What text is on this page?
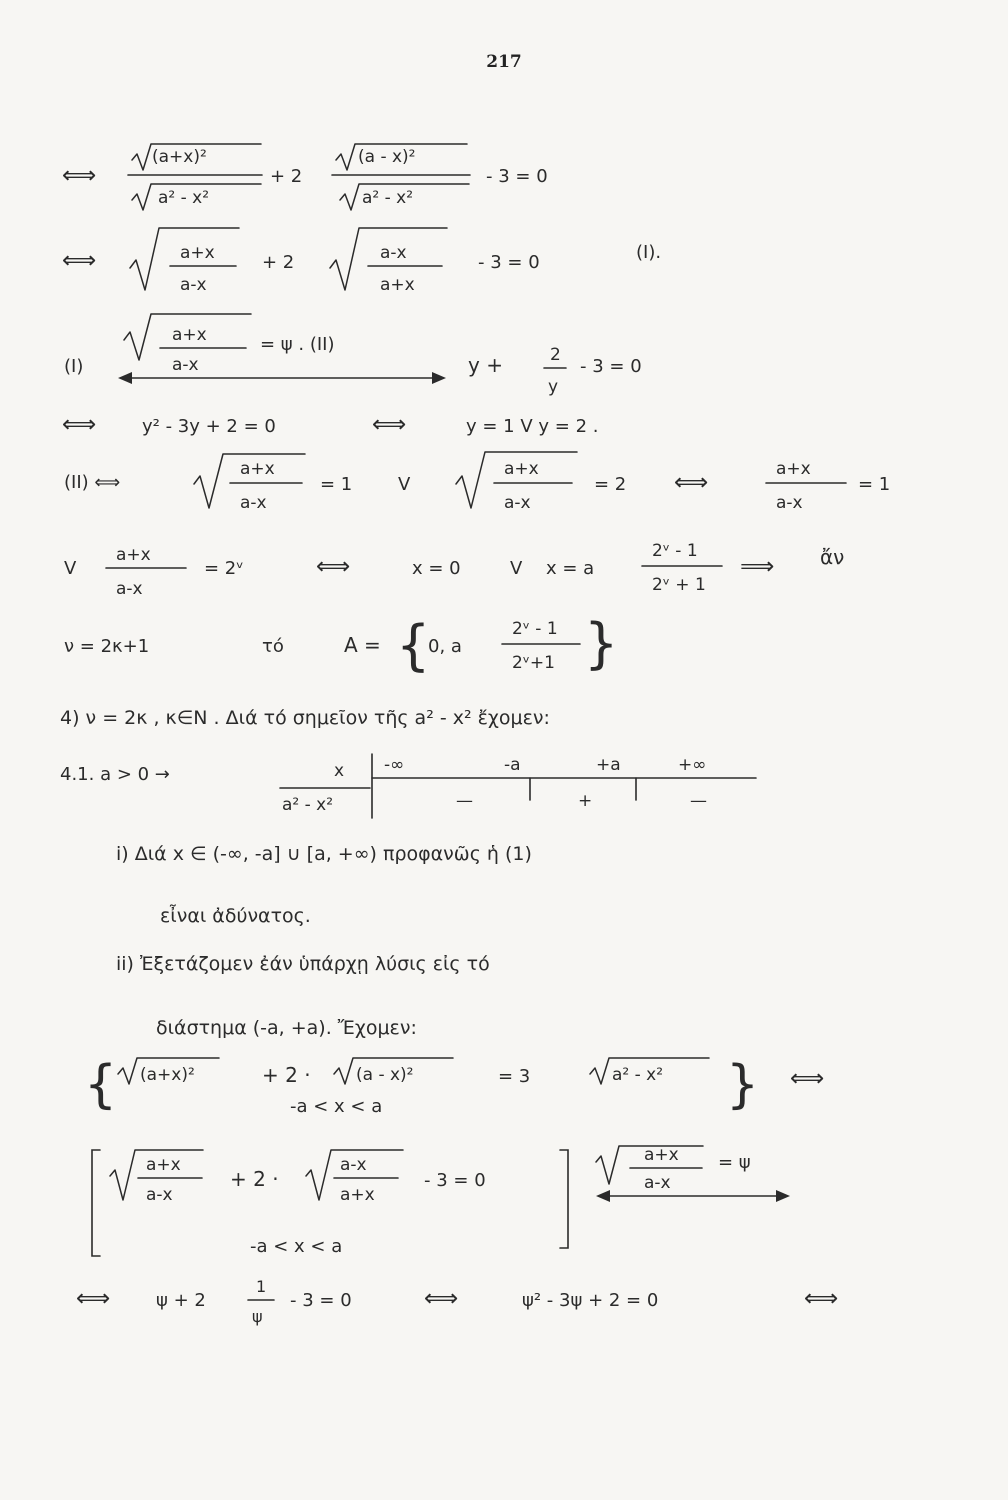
217
⟺
(a+x)²
a² - x²
+ 2
(a - x)²
a² - x²
- 3 = 0
⟺	a+x
a-x
+ 2	a-x
a+x
- 3 = 0	(I).
(I)
a+x
a-x
= ψ . (II)
y +	2
y
- 3 = 0
⟺	y² - 3y + 2 = 0	⟺	y = 1 V y = 2 .
(II) ⟺
a+x
a-x
= 1	V
a+x
a-x
= 2 ⟺	a+x
a-x
= 1
V
a+x
a-x
= 2ᵛ	⟺	x = 0	V x = a
2ᵛ - 1
2ᵛ + 1
⟹ ἄν
ν = 2κ+1	τό	A = {
0, a
2ᵛ - 1
2ᵛ+1 }
4) ν = 2κ , κ∈N . Διά τό σημεῖον τῆς a² - x² ἔχομεν:
4.1. a > 0 →	x
a² - x²
-∞	-a	+a	+∞
—	+	—
i) Διά x ∈ (-∞, -a] ∪ [a, +∞) προφανῶς ἡ (1)
εἶναι ἀδύνατος.
ii) Ἐξετάζομεν ἐάν ὑπάρχῃ λύσις εἰς τό
διάστημα (-a, +a). Ἔχομεν:
{ (a+x)²	+ 2 ·	(a - x)²	= 3	a² - x² }
-a < x < a
⟺
a+x
a-x
+ 2 ·
a-x
a+x
- 3 = 0
-a < x < a
a+x
a-x
= ψ
⟺	ψ + 2
1
ψ
- 3 = 0	⟺	ψ² - 3ψ + 2 = 0	⟺
